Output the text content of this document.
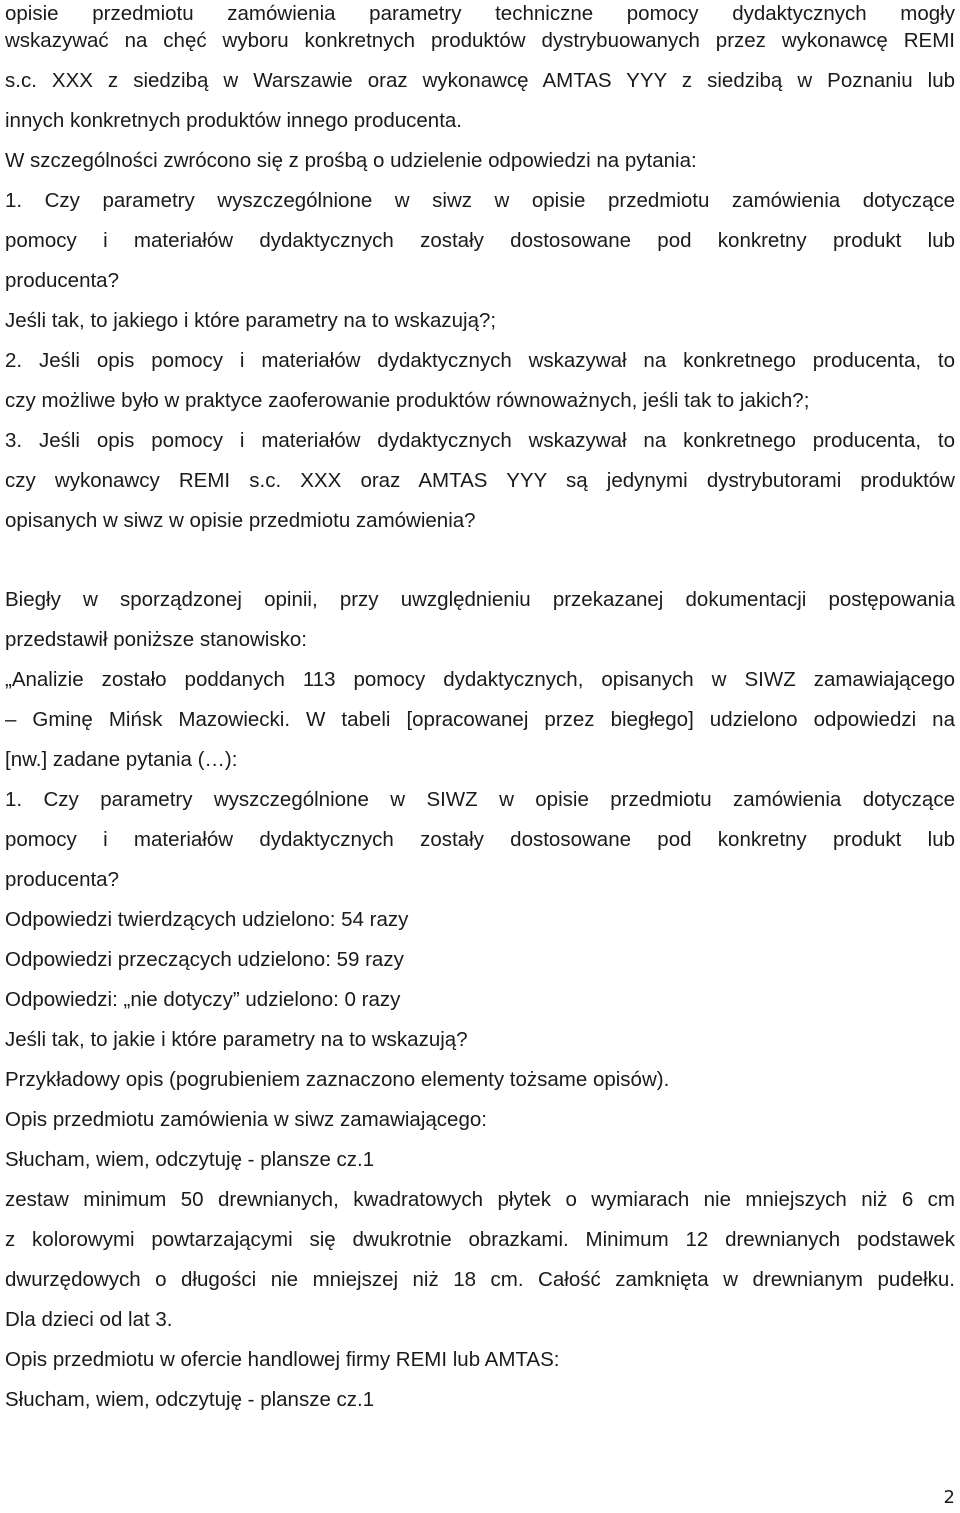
opisie przedmiotu zamówienia parametry techniczne pomocy dydaktycznych mogły
wskazywać na chęć wyboru konkretnych produktów dystrybuowanych przez wykonawcę REMI
s.c. XXX z siedzibą w Warszawie oraz wykonawcę AMTAS YYY z siedzibą w Poznaniu lub
innych konkretnych produktów innego producenta.
W szczególności zwrócono się z prośbą o udzielenie odpowiedzi na pytania:
1. Czy parametry wyszczególnione w siwz w opisie przedmiotu zamówienia dotyczące
pomocy i materiałów dydaktycznych zostały dostosowane pod konkretny produkt lub
producenta?
Jeśli tak, to jakiego i które parametry na to wskazują?;
2. Jeśli opis pomocy i materiałów dydaktycznych wskazywał na konkretnego producenta, to
czy możliwe było w praktyce zaoferowanie produktów równoważnych, jeśli tak to jakich?;
3. Jeśli opis pomocy i materiałów dydaktycznych wskazywał na konkretnego producenta, to
czy wykonawcy REMI s.c. XXX oraz AMTAS YYY są jedynymi dystrybutorami produktów
opisanych w siwz w opisie przedmiotu zamówienia?
Biegły w sporządzonej opinii, przy uwzględnieniu przekazanej dokumentacji postępowania
przedstawił poniższe stanowisko:
„Analizie zostało poddanych 113 pomocy dydaktycznych, opisanych w SIWZ zamawiającego
– Gminę Mińsk Mazowiecki. W tabeli [opracowanej przez biegłego] udzielono odpowiedzi na
[nw.] zadane pytania (…):
1. Czy parametry wyszczególnione w SIWZ w opisie przedmiotu zamówienia dotyczące
pomocy i materiałów dydaktycznych zostały dostosowane pod konkretny produkt lub
producenta?
Odpowiedzi twierdzących udzielono: 54 razy
Odpowiedzi przeczących udzielono: 59 razy
Odpowiedzi: „nie dotyczy” udzielono: 0 razy
Jeśli tak, to jakie i które parametry na to wskazują?
Przykładowy opis (pogrubieniem zaznaczono elementy tożsame opisów).
Opis przedmiotu zamówienia w siwz zamawiającego:
Słucham, wiem, odczytuję - plansze cz.1
zestaw minimum 50 drewnianych, kwadratowych płytek o wymiarach nie mniejszych niż 6 cm
z kolorowymi powtarzającymi się dwukrotnie obrazkami. Minimum 12 drewnianych podstawek
dwurzędowych o długości nie mniejszej niż 18 cm. Całość zamknięta w drewnianym pudełku.
Dla dzieci od lat 3.
Opis przedmiotu w ofercie handlowej firmy REMI lub AMTAS:
Słucham, wiem, odczytuję - plansze cz.1
2
